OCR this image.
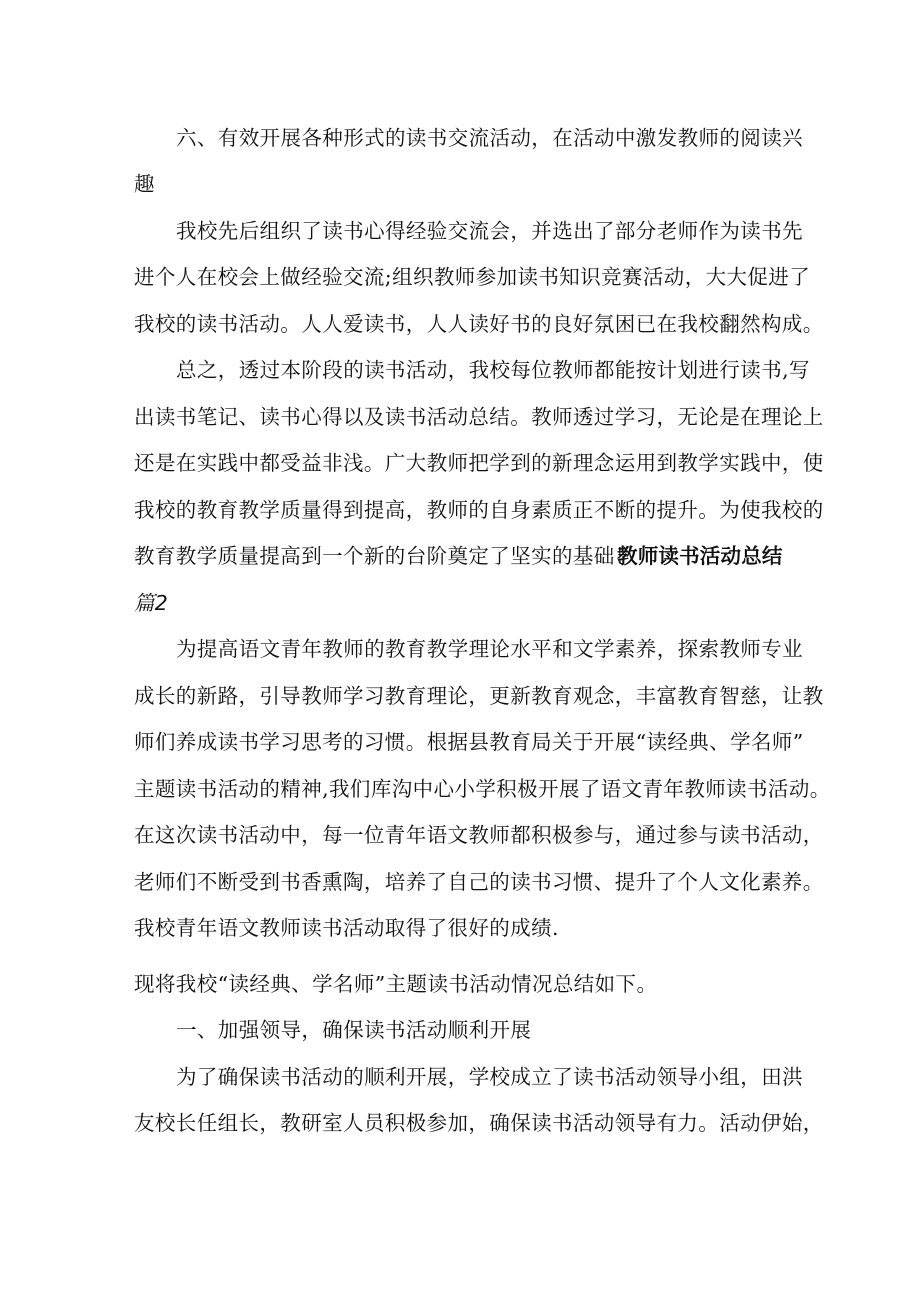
六、有效开展各种形式的读书交流活动，在活动中激发教师的阅读兴
趣
我校先后组织了读书心得经验交流会，并选出了部分老师作为读书先
进个人在校会上做经验交流;组织教师参加读书知识竞赛活动，大大促进了
我校的读书活动。人人爱读书，人人读好书的良好氛困已在我校翻然构成。
总之，透过本阶段的读书活动，我校每位教师都能按计划进行读书,写
出读书笔记、读书心得以及读书活动总结。教师透过学习，无论是在理论上
还是在实践中都受益非浅。广大教师把学到的新理念运用到教学实践中，使
我校的教育教学质量得到提高，教师的自身素质正不断的提升。为使我校的
教育教学质量提高到一个新的台阶奠定了坚实的基础！
教师读书活动总结
篇2
为提高语文青年教师的教育教学理论水平和文学素养，探索教师专业
成长的新路，引导教师学习教育理论，更新教育观念，丰富教育智慈，让教
师们养成读书学习思考的习惯。根据县教育局关于开展“读经典、学名师”
主题读书活动的精神,我们库沟中心小学积极开展了语文青年教师读书活动。
在这次读书活动中，每一位青年语文教师都积极参与，通过参与读书活动，
老师们不断受到书香熏陶，培养了自己的读书习惯、提升了个人文化素养。
我校青年语文教师读书活动取得了很好的成绩.
现将我校“读经典、学名师”主题读书活动情况总结如下。
一、加强领导，确保读书活动顺利开展
为了确保读书活动的顺利开展，学校成立了读书活动领导小组，田洪
友校长任组长，教研室人员积极参加，确保读书活动领导有力。活动伊始，
